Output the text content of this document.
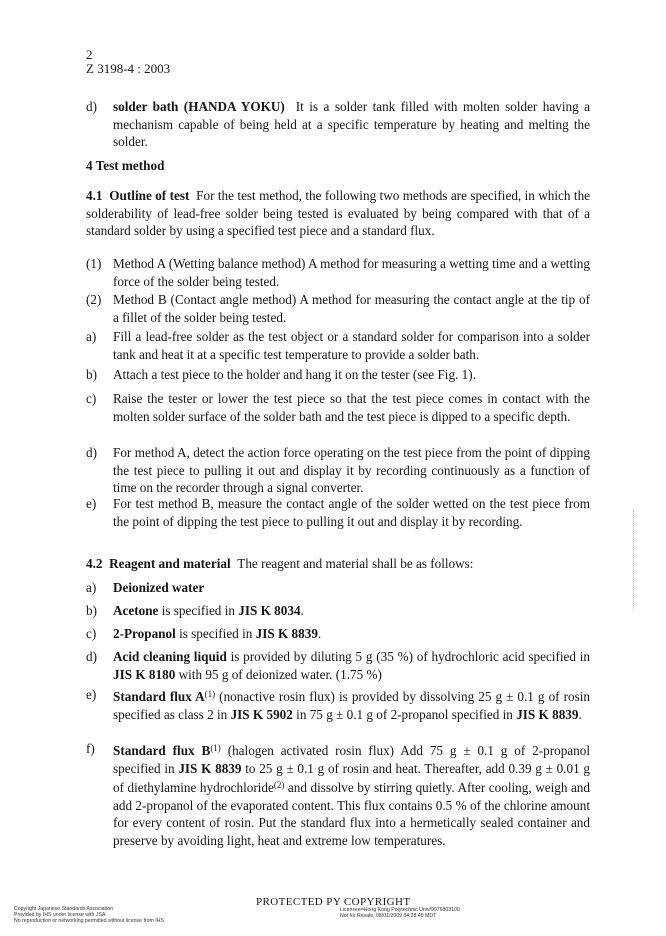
2
Z 3198-4 : 2003
d) solder bath (HANDA YOKU) It is a solder tank filled with molten solder having a mechanism capable of being held at a specific temperature by heating and melting the solder.
4 Test method
4.1 Outline of test For the test method, the following two methods are specified, in which the solderability of lead-free solder being tested is evaluated by being compared with that of a standard solder by using a specified test piece and a standard flux.
(1) Method A (Wetting balance method) A method for measuring a wetting time and a wetting force of the solder being tested.
(2) Method B (Contact angle method) A method for measuring the contact angle at the tip of a fillet of the solder being tested.
a) Fill a lead-free solder as the test object or a standard solder for comparison into a solder tank and heat it at a specific test temperature to provide a solder bath.
b) Attach a test piece to the holder and hang it on the tester (see Fig. 1).
c) Raise the tester or lower the test piece so that the test piece comes in contact with the molten solder surface of the solder bath and the test piece is dipped to a specific depth.
d) For method A, detect the action force operating on the test piece from the point of dipping the test piece to pulling it out and display it by recording continuously as a function of time on the recorder through a signal converter.
e) For test method B, measure the contact angle of the solder wetted on the test piece from the point of dipping the test piece to pulling it out and display it by recording.
4.2 Reagent and material The reagent and material shall be as follows:
a) Deionized water
b) Acetone is specified in JIS K 8034.
c) 2-Propanol is specified in JIS K 8839.
d) Acid cleaning liquid is provided by diluting 5 g (35 %) of hydrochloric acid specified in JIS K 8180 with 95 g of deionized water. (1.75 %)
e) Standard flux $A^{(1)}$ (nonactive rosin flux) is provided by dissolving 25 g ± 0.1 g of rosin specified as class 2 in JIS K 5902 in 75 g ± 0.1 g of 2-propanol specified in JIS K 8839.
f) Standard flux $B^{(1)}$ (halogen activated rosin flux) Add 75 g ± 0.1 g of 2-propanol specified in JIS K 8839 to 25 g ± 0.1 g of rosin and heat. Thereafter, add 0.39 g ± 0.01 g of diethylamine hydrochloride$^{(2)}$ and dissolve by stirring quietly. After cooling, weigh and add 2-propanol of the evaporated content. This flux contains 0.5 % of the chlorine amount for every content of rosin. Put the standard flux into a hermetically sealed container and preserve by avoiding light, heat and extreme low temperatures.
Copyright Japanese Standards Association
Provided by IHS under license with JSA
No reproduction or networking permitted without license from IHS
PROTECTED PY COPYRIGHT
Licensee=Hong Kong Polytechnic Univ/9976803100
Not for Resale, 08/01/2009 04:28:45 MDT
